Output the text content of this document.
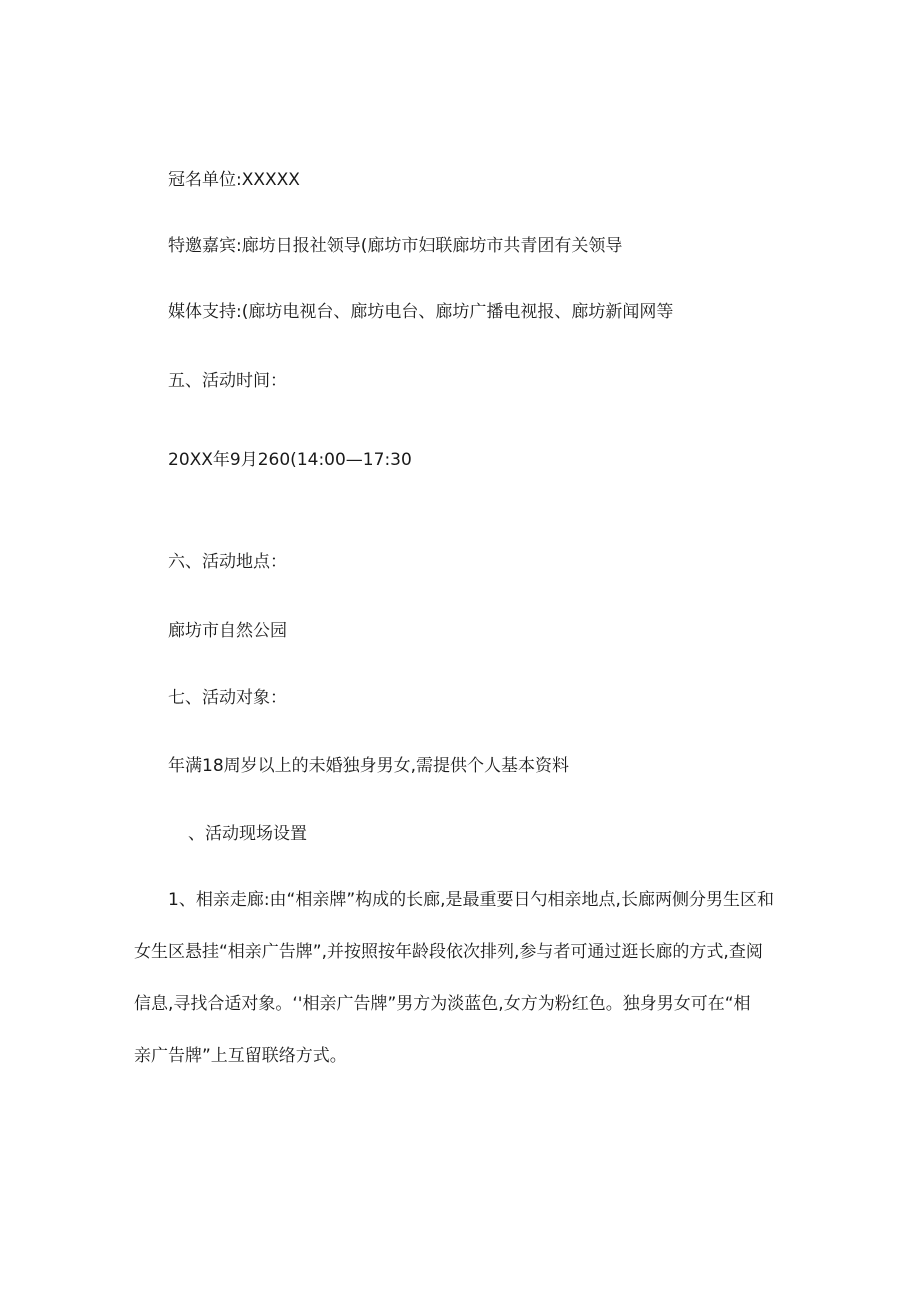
冠名单位:XXXXX
特邀嘉宾:廊坊日报社领导(廊坊市妇联廊坊市共青团有关领导
媒体支持:(廊坊电视台、廊坊电台、廊坊广播电视报、廊坊新闻网等
五、活动时间：
20XX年9月260(14:00—17:30
六、活动地点：
廊坊市自然公园
七、活动对象：
年满18周岁以上的未婚独身男女,需提供个人基本资料
、活动现场设置
1、相亲走廊:由“相亲牌”构成的长廊,是最重要日勺相亲地点,长廊两侧分男生区和
女生区悬挂“相亲广告牌”,并按照按年龄段依次排列,参与者可通过逛长廊的方式,查阅
信息,寻找合适对象。‘'相亲广告牌”男方为淡蓝色,女方为粉红色。独身男女可在“相
亲广告牌”上互留联络方式。
